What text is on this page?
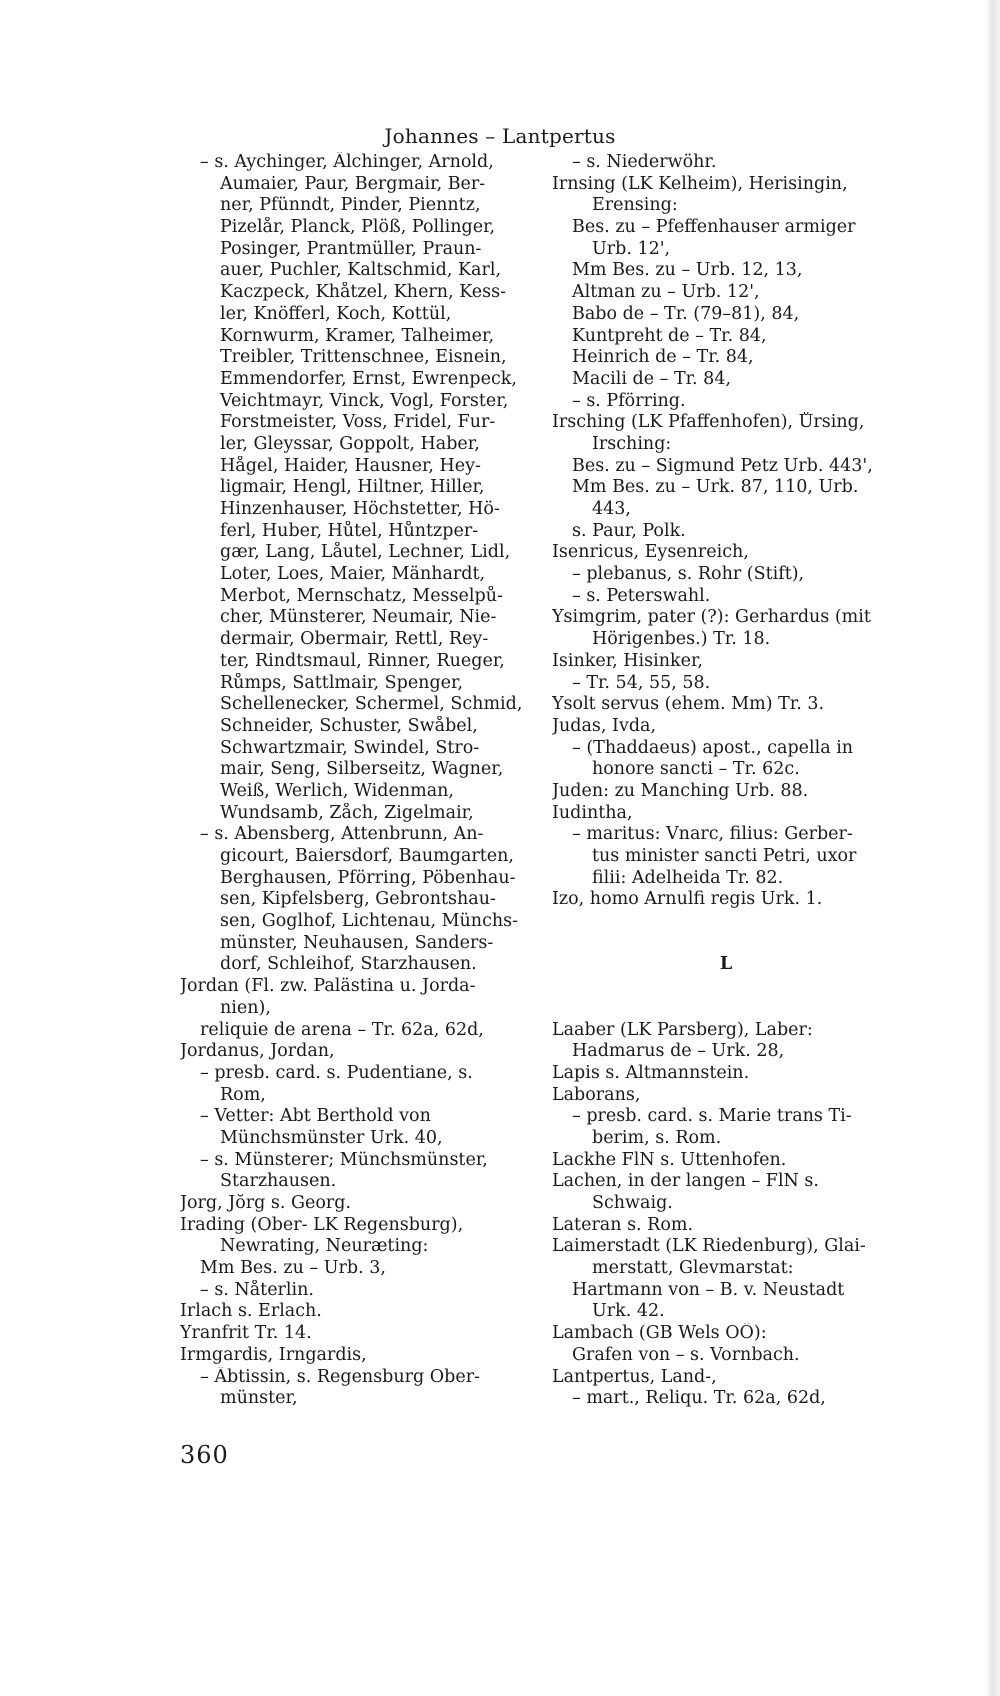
Johannes – Lantpertus
– s. Aychinger, Älchinger, Arnold,
Aumaier, Paur, Bergmair, Ber-
ner, Pfünndt, Pinder, Pienntz,
Pizelår, Planck, Plöß, Pollinger,
Posinger, Prantmüller, Praun-
auer, Puchler, Kaltschmid, Karl,
Kaczpeck, Khåtzel, Khern, Kess-
ler, Knöfferl, Koch, Kottül,
Kornwurm, Kramer, Talheimer,
Treibler, Trittenschnee, Eisnein,
Emmendorfer, Ernst, Ewrenpeck,
Veichtmayr, Vinck, Vogl, Forster,
Forstmeister, Voss, Fridel, Fur-
ler, Gleyssar, Goppolt, Haber,
Hågel, Haider, Hausner, Hey-
ligmair, Hengl, Hiltner, Hiller,
Hinzenhauser, Höchstetter, Hö-
ferl, Huber, Hůtel, Hůntzper-
gær, Lang, Låutel, Lechner, Lidl,
Loter, Loes, Maier, Mänhardt,
Merbot, Mernschatz, Messelpů-
cher, Münsterer, Neumair, Nie-
dermair, Obermair, Rettl, Rey-
ter, Rindtsmaul, Rinner, Rueger,
Růmps, Sattlmair, Spenger,
Schellenecker, Schermel, Schmid,
Schneider, Schuster, Swåbel,
Schwartzmair, Swindel, Stro-
mair, Seng, Silberseitz, Wagner,
Weiß, Werlich, Widenman,
Wundsamb, Zåch, Zigelmair,
– s. Abensberg, Attenbrunn, An-
gicourt, Baiersdorf, Baumgarten,
Berghausen, Pförring, Pöbenhau-
sen, Kipfelsberg, Gebrontshau-
sen, Goglhof, Lichtenau, Münchs-
münster, Neuhausen, Sanders-
dorf, Schleihof, Starzhausen.
Jordan (Fl. zw. Palästina u. Jorda-
nien),
reliquie de arena – Tr. 62a, 62d,
Jordanus, Jordan,
– presb. card. s. Pudentiane, s.
Rom,
– Vetter: Abt Berthold von
Münchsmünster Urk. 40,
– s. Münsterer; Münchsmünster,
Starzhausen.
Jorg, Jŏrg s. Georg.
Irading (Ober- LK Regensburg),
Newrating, Neuræting:
Mm Bes. zu – Urb. 3,
– s. Nåterlin.
Irlach s. Erlach.
Yranfrit Tr. 14.
Irmgardis, Irngardis,
– Äbtissin, s. Regensburg Ober-
münster,
– s. Niederwöhr.
Irnsing (LK Kelheim), Herisingin,
Erensing:
Bes. zu – Pfeffenhauser armiger
Urb. 12',
Mm Bes. zu – Urb. 12, 13,
Altman zu – Urb. 12',
Babo de – Tr. (79–81), 84,
Kuntpreht de – Tr. 84,
Heinrich de – Tr. 84,
Macili de – Tr. 84,
– s. Pförring.
Irsching (LK Pfaffenhofen), Ůrsing,
Irsching:
Bes. zu – Sigmund Petz Urb. 443',
Mm Bes. zu – Urk. 87, 110, Urb.
443,
s. Paur, Polk.
Isenricus, Eysenreich,
– plebanus, s. Rohr (Stift),
– s. Peterswahl.
Ysimgrim, pater (?): Gerhardus (mit
Hörigenbes.) Tr. 18.
Isinker, Hisinker,
– Tr. 54, 55, 58.
Ysolt servus (ehem. Mm) Tr. 3.
Judas, Ivda,
– (Thaddaeus) apost., capella in
honore sancti – Tr. 62c.
Juden: zu Manching Urb. 88.
Iudintha,
– maritus: Vnarc, filius: Gerber-
tus minister sancti Petri, uxor
filii: Adelheida Tr. 82.
Izo, homo Arnulfi regis Urk. 1.
L
Laaber (LK Parsberg), Laber:
Hadmarus de – Urk. 28,
Lapis s. Altmannstein.
Laborans,
– presb. card. s. Marie trans Ti-
berim, s. Rom.
Lackhe FlN s. Uttenhofen.
Lachen, in der langen – FlN s.
Schwaig.
Lateran s. Rom.
Laimerstadt (LK Riedenburg), Glai-
merstatt, Glevmarstat:
Hartmann von – B. v. Neustadt
Urk. 42.
Lambach (GB Wels OÖ):
Grafen von – s. Vornbach.
Lantpertus, Land-,
– mart., Reliqu. Tr. 62a, 62d,
360
